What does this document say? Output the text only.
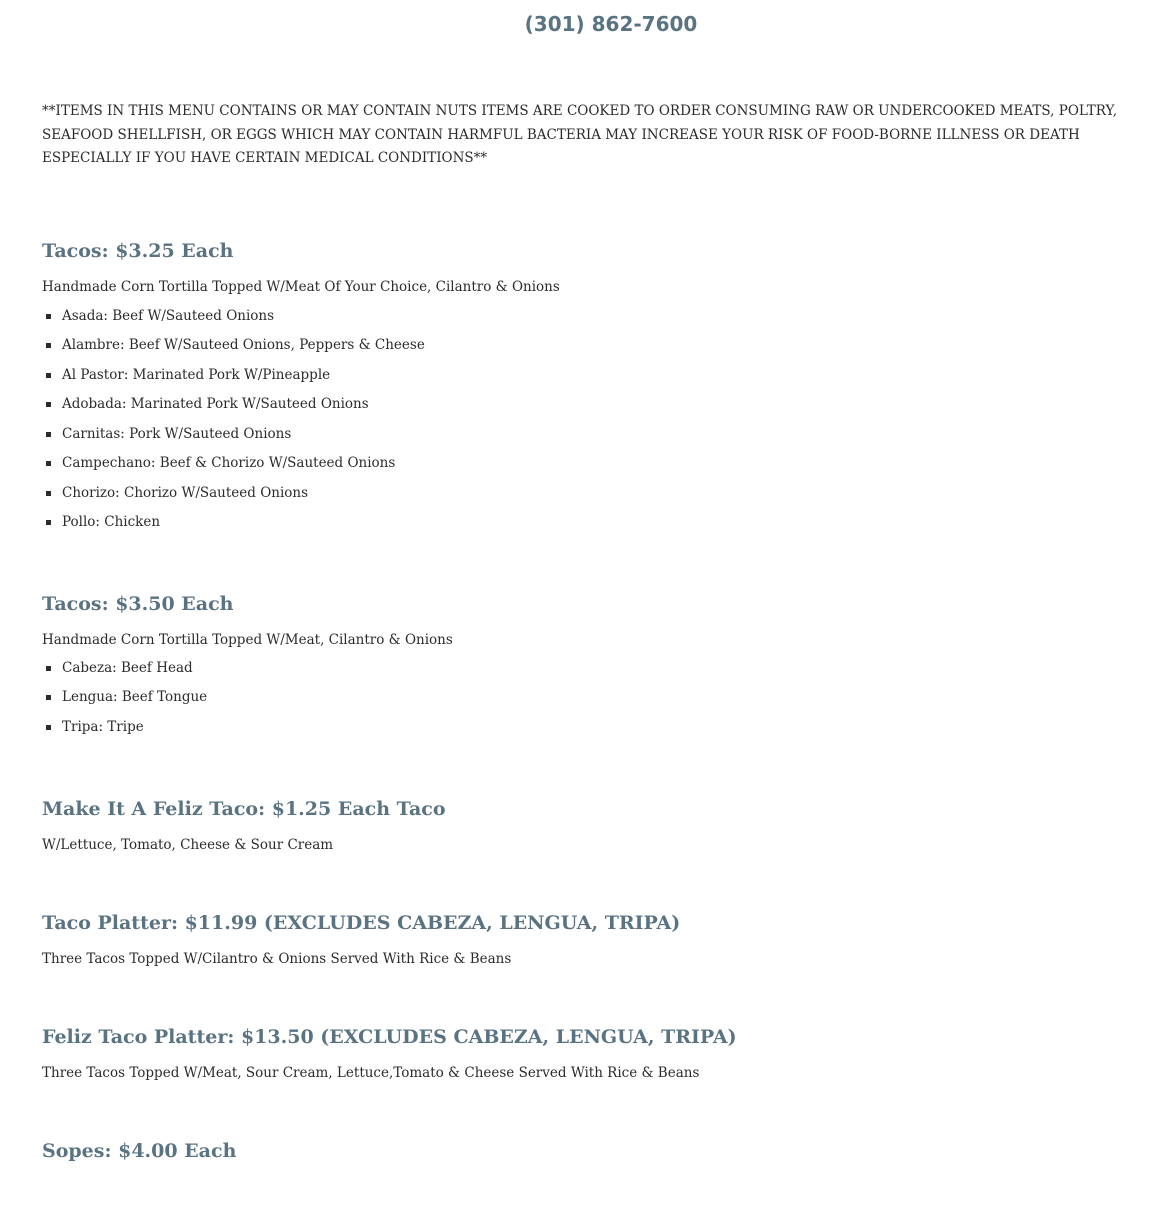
(301) 862-7600

**ITEMS IN THIS MENU CONTAINS OR MAY CONTAIN NUTS ITEMS ARE COOKED TO ORDER CONSUMING RAW OR UNDERCOOKED MEATS, POLTRY, SEAFOOD SHELLFISH, OR EGGS WHICH MAY CONTAIN HARMFUL BACTERIA MAY INCREASE YOUR RISK OF FOOD-BORNE ILLNESS OR DEATH ESPECIALLY IF YOU HAVE CERTAIN MEDICAL CONDITIONS**

Tacos: $3.25 Each

Handmade Corn Tortilla Topped W/Meat Of Your Choice, Cilantro & Onions

Asada: Beef W/Sauteed Onions
Alambre: Beef W/Sauteed Onions, Peppers & Cheese
Al Pastor: Marinated Pork W/Pineapple
Adobada: Marinated Pork W/Sauteed Onions
Carnitas: Pork W/Sauteed Onions
Campechano: Beef & Chorizo W/Sauteed Onions
Chorizo: Chorizo W/Sauteed Onions
Pollo: Chicken
Tacos: $3.50 Each

Handmade Corn Tortilla Topped W/Meat, Cilantro & Onions

Cabeza: Beef Head
Lengua: Beef Tongue
Tripa: Tripe
Make It A Feliz Taco: $1.25 Each Taco

W/Lettuce, Tomato, Cheese & Sour Cream

Taco Platter: $11.99 (EXCLUDES CABEZA, LENGUA, TRIPA)

Three Tacos Topped W/Cilantro & Onions Served With Rice & Beans

Feliz Taco Platter: $13.50 (EXCLUDES CABEZA, LENGUA, TRIPA)

Three Tacos Topped W/Meat, Sour Cream, Lettuce,Tomato & Cheese Served With Rice & Beans

Sopes: $4.00 Each
